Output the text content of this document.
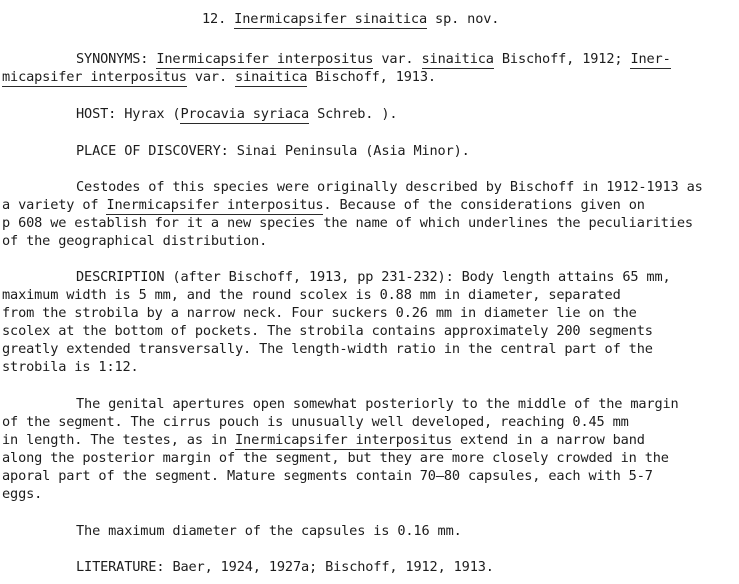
12. Inermicapsifer sinaitica sp. nov.
SYNONYMS: Inermicapsifer interpositus var. sinaitica Bischoff, 1912; Iner-
micapsifer interpositus var. sinaitica Bischoff, 1913.
HOST: Hyrax (Procavia syriaca Schreb. ).
PLACE OF DISCOVERY: Sinai Peninsula (Asia Minor).
Cestodes of this species were originally described by Bischoff in 1912-1913 as
a variety of Inermicapsifer interpositus. Because of the considerations given on
p 608 we establish for it a new species the name of which underlines the peculiarities
of the geographical distribution.
DESCRIPTION (after Bischoff, 1913, pp 231-232): Body length attains 65 mm,
maximum width is 5 mm, and the round scolex is 0.88 mm in diameter, separated
from the strobila by a narrow neck. Four suckers 0.26 mm in diameter lie on the
scolex at the bottom of pockets. The strobila contains approximately 200 segments
greatly extended transversally. The length-width ratio in the central part of the
strobila is 1:12.
The genital apertures open somewhat posteriorly to the middle of the margin
of the segment. The cirrus pouch is unusually well developed, reaching 0.45 mm
in length. The testes, as in Inermicapsifer interpositus extend in a narrow band
along the posterior margin of the segment, but they are more closely crowded in the
aporal part of the segment. Mature segments contain 70—80 capsules, each with 5-7
eggs.
The maximum diameter of the capsules is 0.16 mm.
LITERATURE: Baer, 1924, 1927a; Bischoff, 1912, 1913.
